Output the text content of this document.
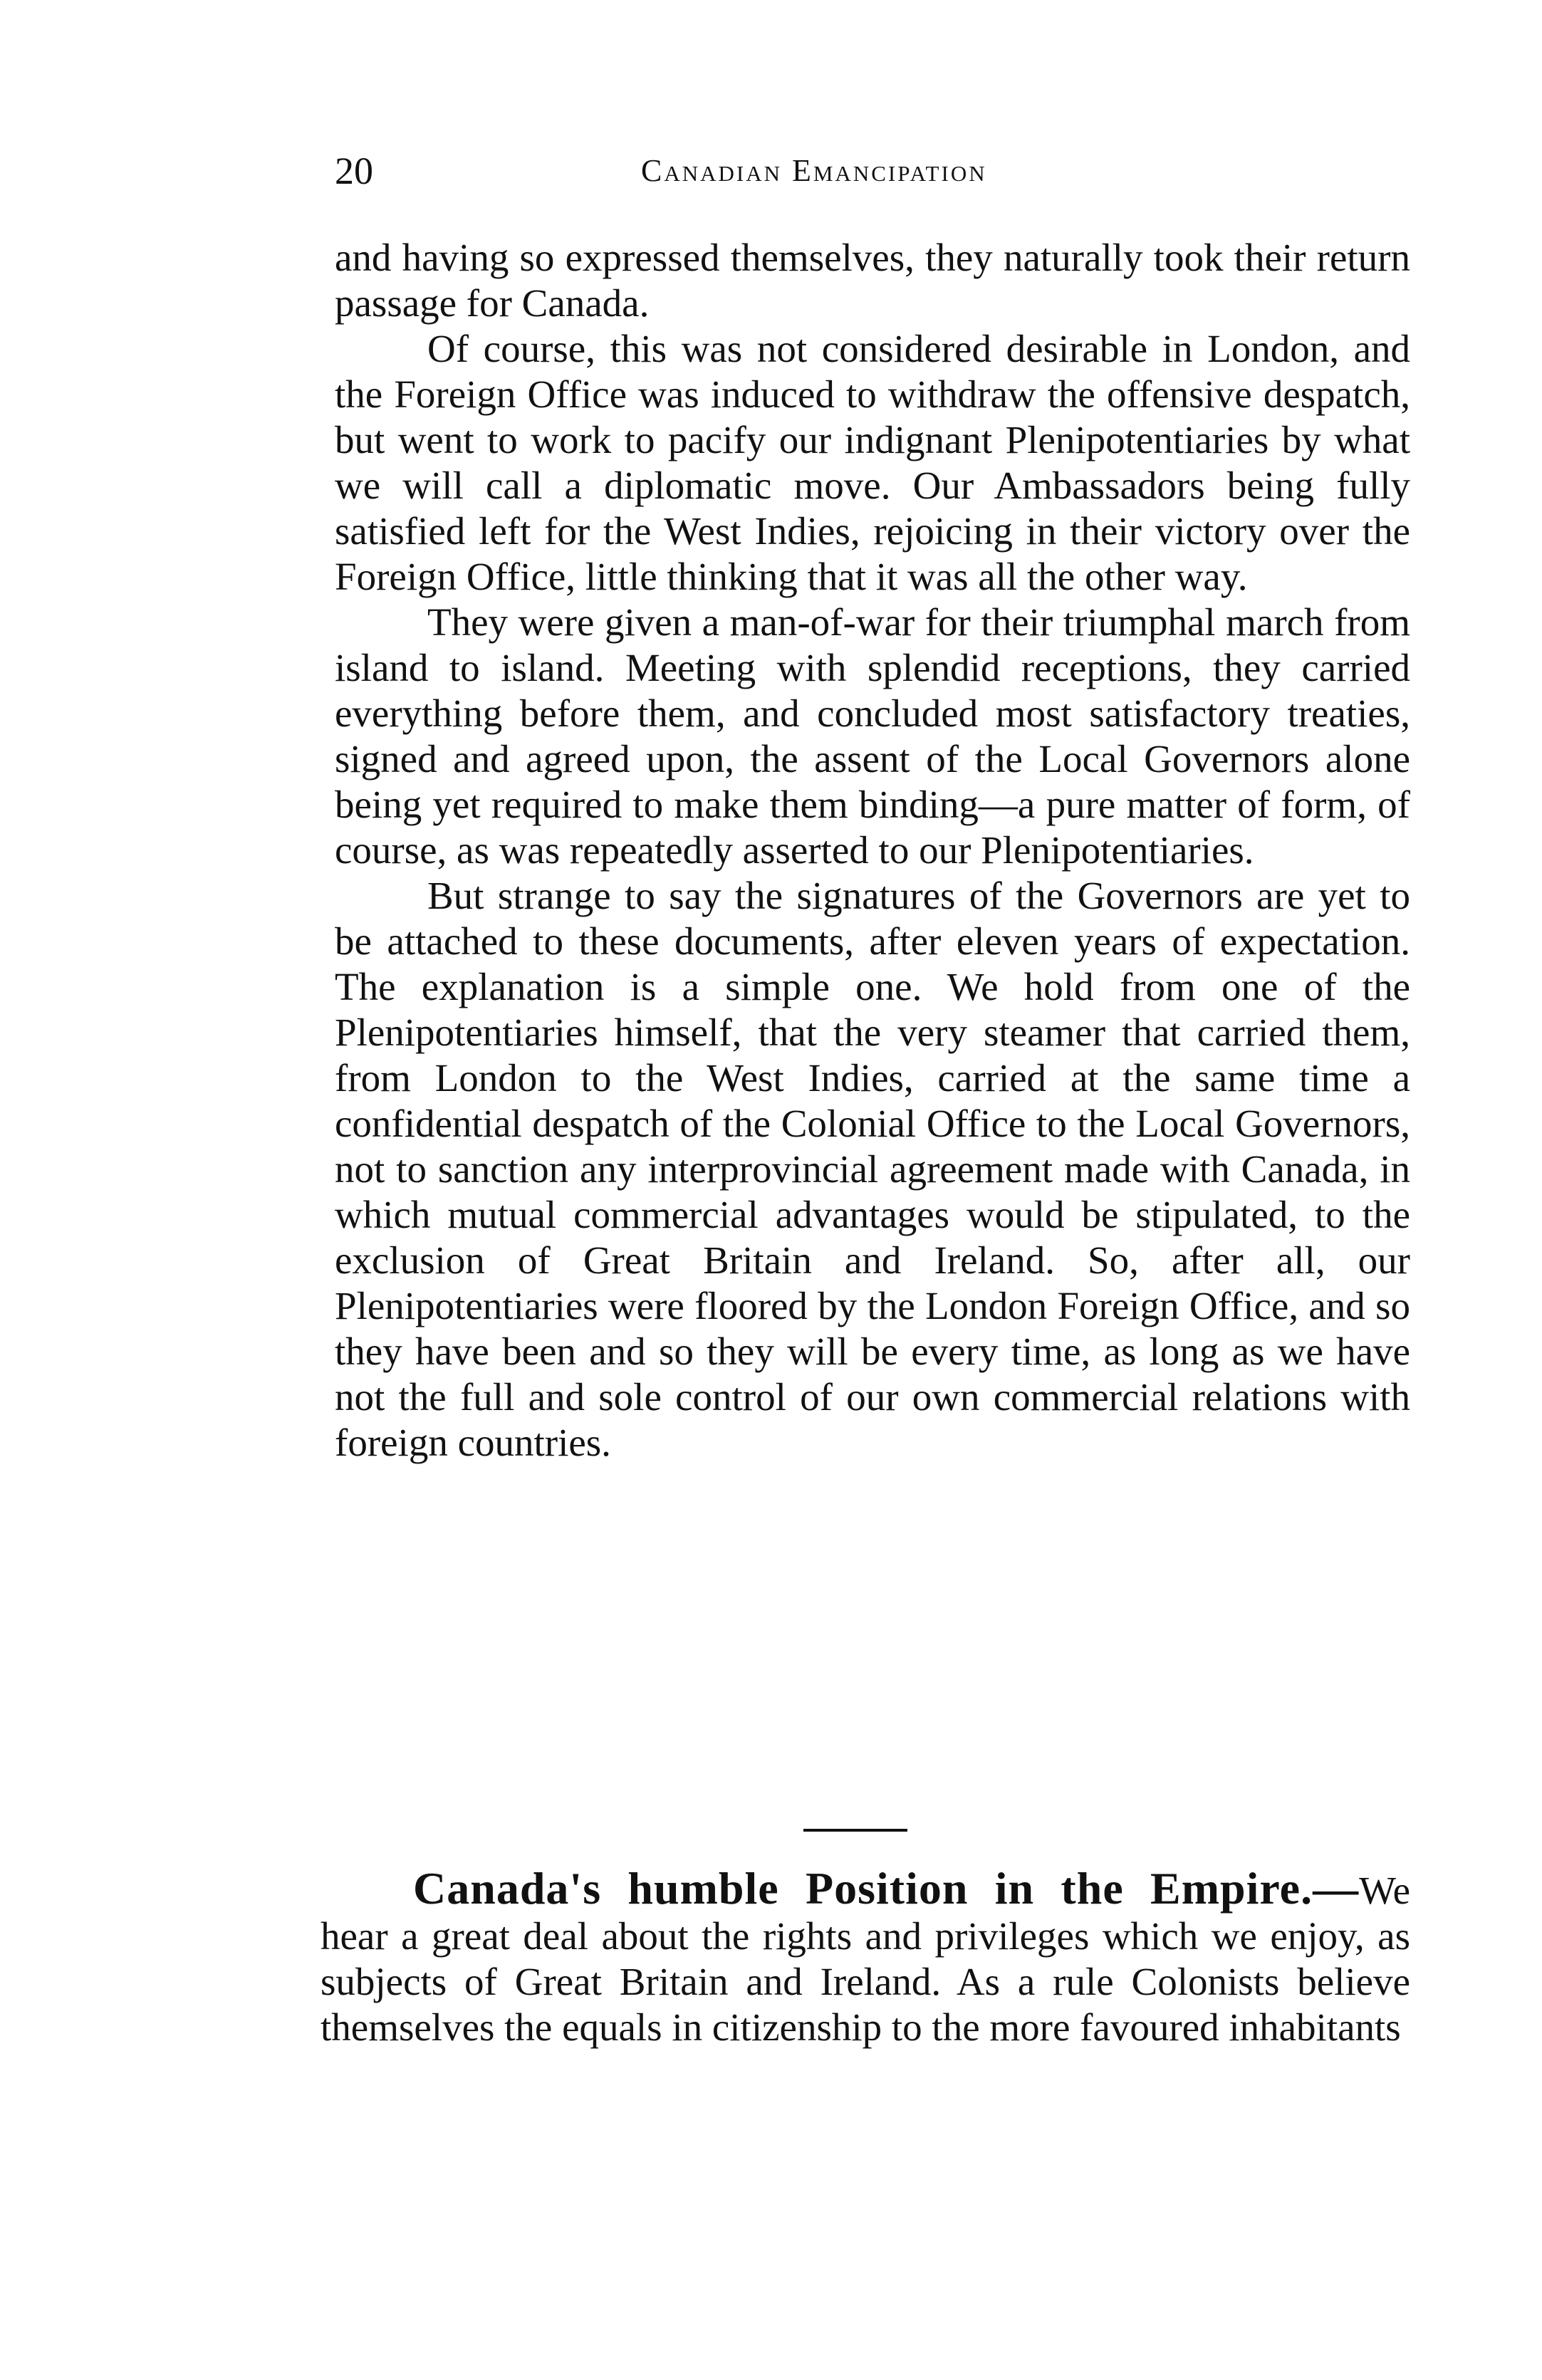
20	Canadian Emancipation

and having so expressed themselves, they naturally took their return passage for Canada.

Of course, this was not considered desirable in London, and the Foreign Office was induced to withdraw the offensive despatch, but went to work to pacify our indignant Plenipotentiaries by what we will call a diplomatic move. Our Ambassadors being fully satisfied left for the West Indies, rejoicing in their victory over the Foreign Office, little thinking that it was all the other way.

They were given a man-of-war for their triumphal march from island to island. Meeting with splendid receptions, they carried everything before them, and concluded most satisfactory treaties, signed and agreed upon, the assent of the Local Governors alone being yet required to make them binding—a pure matter of form, of course, as was repeatedly asserted to our Plenipotentiaries.

But strange to say the signatures of the Governors are yet to be attached to these documents, after eleven years of expectation. The explanation is a simple one. We hold from one of the Plenipotentiaries himself, that the very steamer that carried them, from London to the West Indies, carried at the same time a confidential despatch of the Colonial Office to the Local Governors, not to sanction any interprovincial agreement made with Canada, in which mutual commercial advantages would be stipulated, to the exclusion of Great Britain and Ireland. So, after all, our Plenipotentiaries were floored by the London Foreign Office, and so they have been and so they will be every time, as long as we have not the full and sole control of our own commercial relations with foreign countries.

Canada's humble Position in the Empire.—We hear a great deal about the rights and privileges which we enjoy, as subjects of Great Britain and Ireland. As a rule Colonists believe themselves the equals in citizenship to the more favoured inhabitants
